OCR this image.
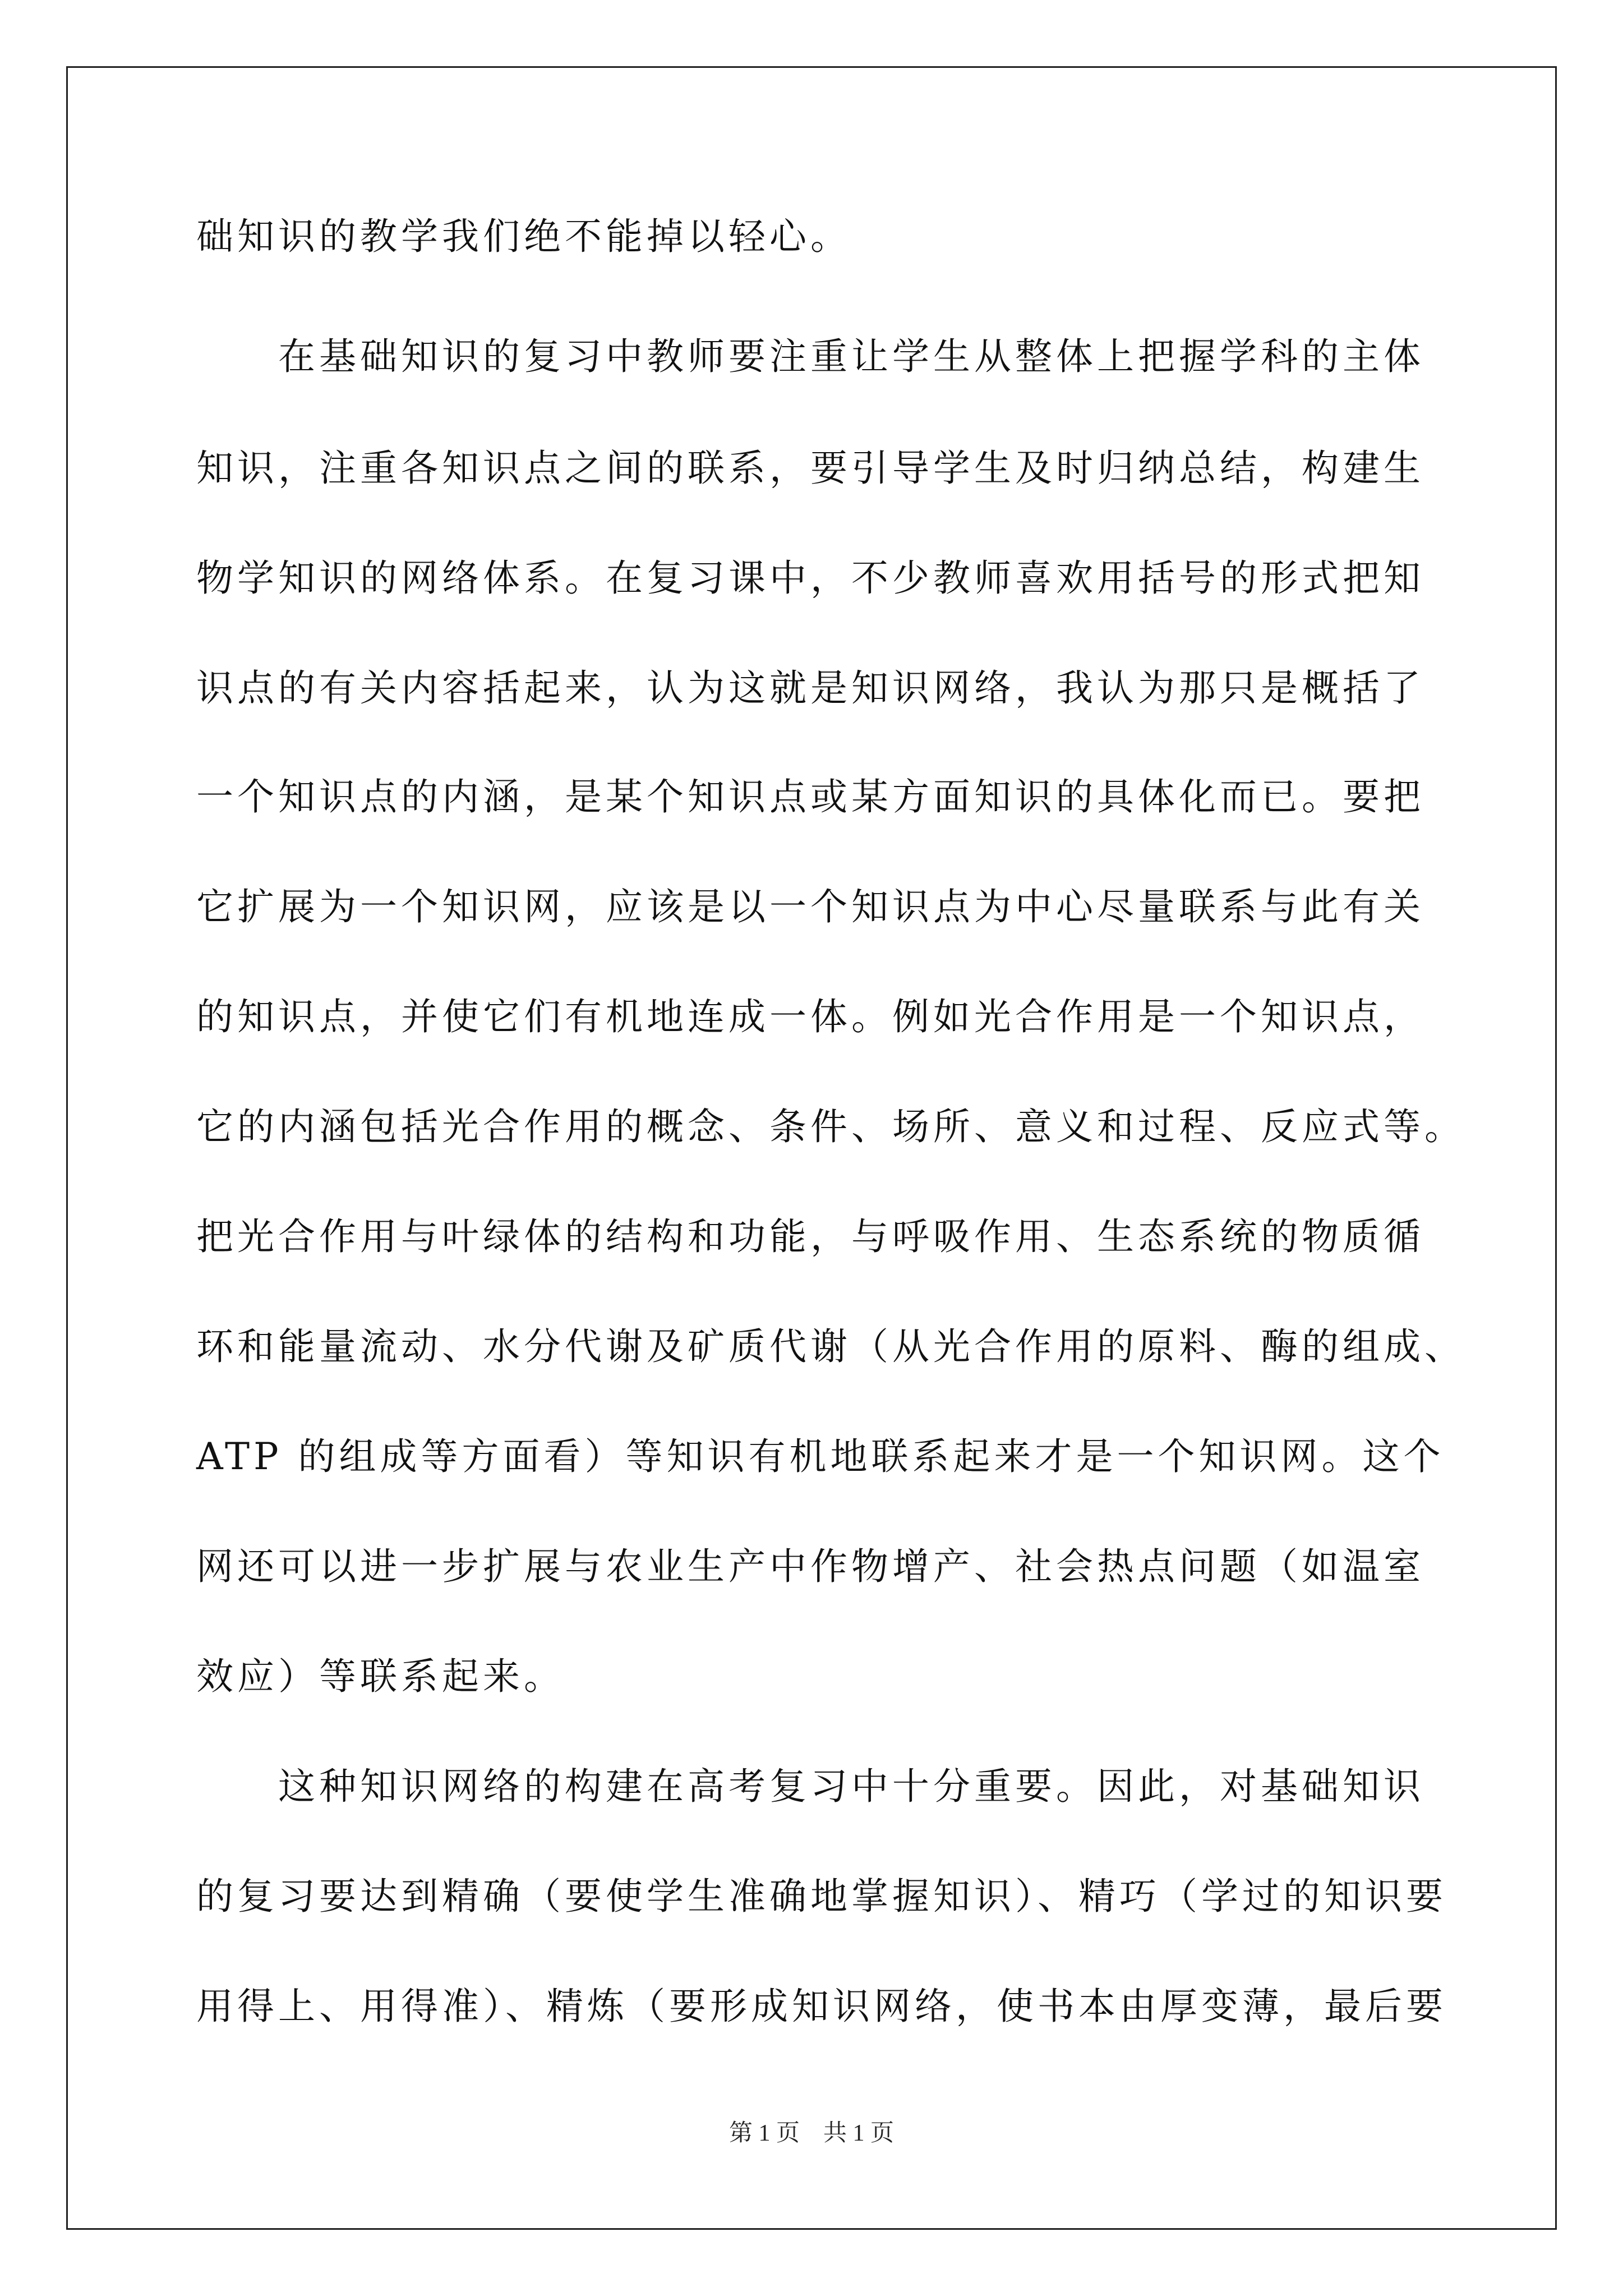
础知识的教学我们绝不能掉以轻心。
　　在基础知识的复习中教师要注重让学生从整体上把握学科的主体
知识，注重各知识点之间的联系，要引导学生及时归纳总结，构建生
物学知识的网络体系。在复习课中，不少教师喜欢用括号的形式把知
识点的有关内容括起来，认为这就是知识网络，我认为那只是概括了
一个知识点的内涵，是某个知识点或某方面知识的具体化而已。要把
它扩展为一个知识网，应该是以一个知识点为中心尽量联系与此有关
的知识点，并使它们有机地连成一体。例如光合作用是一个知识点，
它的内涵包括光合作用的概念、条件、场所、意义和过程、反应式等。
把光合作用与叶绿体的结构和功能，与呼吸作用、生态系统的物质循
环和能量流动、水分代谢及矿质代谢（从光合作用的原料、酶的组成、
ATP 的组成等方面看）等知识有机地联系起来才是一个知识网。这个
网还可以进一步扩展与农业生产中作物增产、社会热点问题（如温室
效应）等联系起来。
　　这种知识网络的构建在高考复习中十分重要。因此，对基础知识
的复习要达到精确（要使学生准确地掌握知识）、精巧（学过的知识要
用得上、用得准）、精炼（要形成知识网络，使书本由厚变薄，最后要
第 1 页　共 1 页
